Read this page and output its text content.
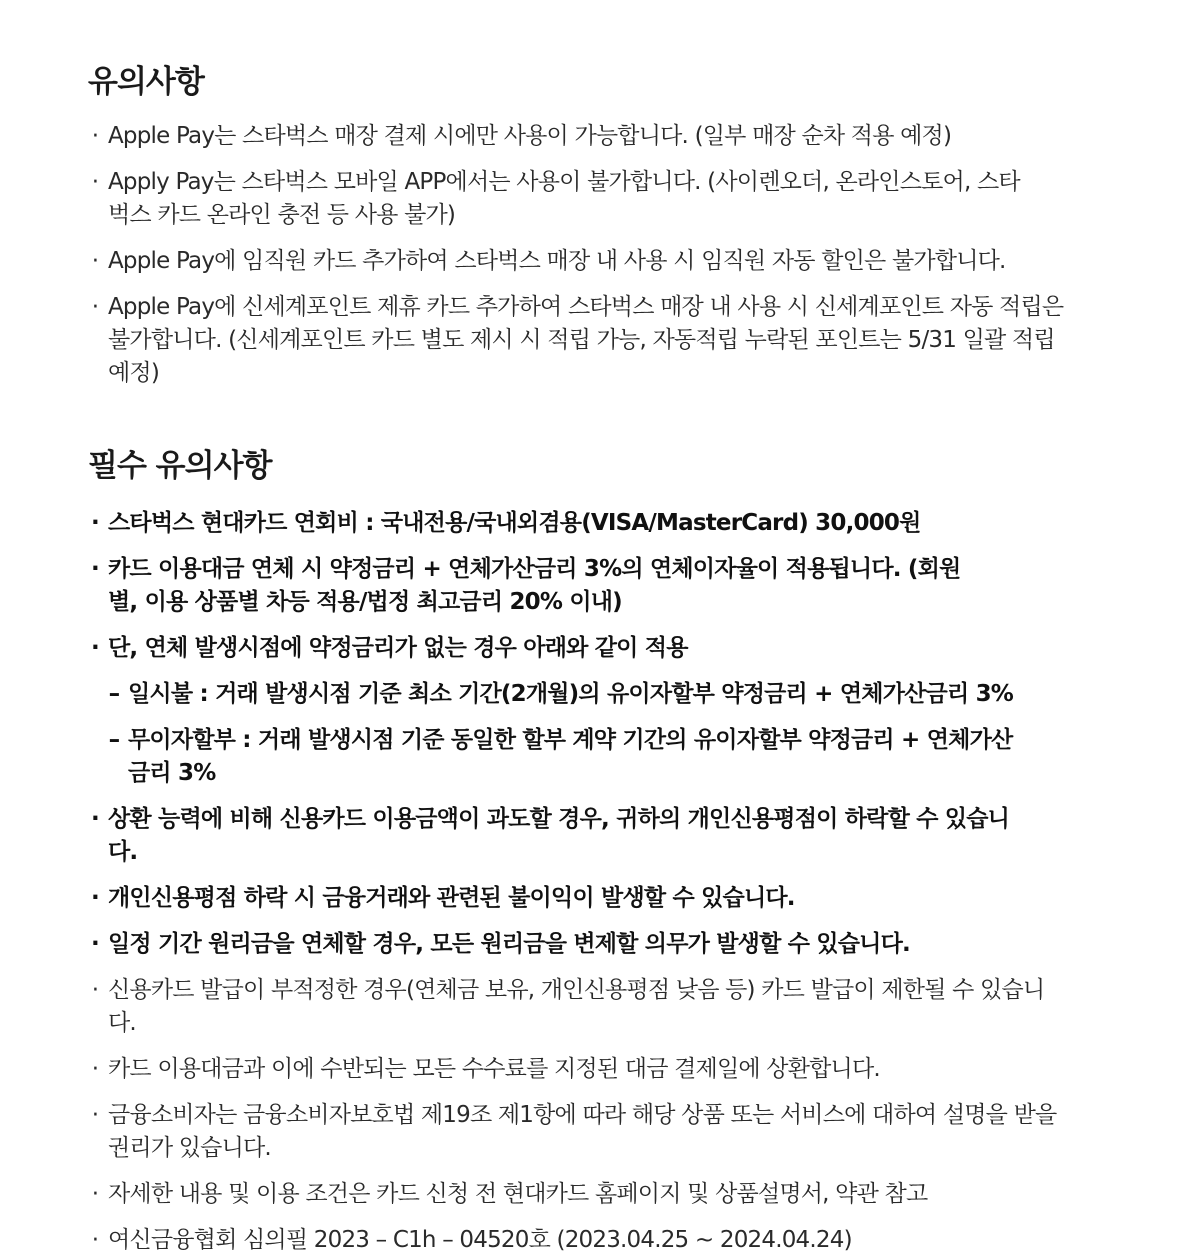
유의사항
· Apple Pay는 스타벅스 매장 결제 시에만 사용이 가능합니다. (일부 매장 순차 적용 예정)
· Apply Pay는 스타벅스 모바일 APP에서는 사용이 불가합니다. (사이렌오더, 온라인스토어, 스타벅스 카드 온라인 충전 등 사용 불가)
· Apple Pay에 임직원 카드 추가하여 스타벅스 매장 내 사용 시 임직원 자동 할인은 불가합니다.
· Apple Pay에 신세계포인트 제휴 카드 추가하여 스타벅스 매장 내 사용 시 신세계포인트 자동 적립은 불가합니다. (신세계포인트 카드 별도 제시 시 적립 가능, 자동적립 누락된 포인트는 5/31 일괄 적립 예정)
필수 유의사항
· 스타벅스 현대카드 연회비 : 국내전용/국내외겸용(VISA/MasterCard) 30,000원
· 카드 이용대금 연체 시 약정금리 + 연체가산금리 3%의 연체이자율이 적용됩니다. (회원별, 이용 상품별 차등 적용/법정 최고금리 20% 이내)
· 단, 연체 발생시점에 약정금리가 없는 경우 아래와 같이 적용
– 일시불 : 거래 발생시점 기준 최소 기간(2개월)의 유이자할부 약정금리 + 연체가산금리 3%
– 무이자할부 : 거래 발생시점 기준 동일한 할부 계약 기간의 유이자할부 약정금리 + 연체가산금리 3%
· 상환 능력에 비해 신용카드 이용금액이 과도할 경우, 귀하의 개인신용평점이 하락할 수 있습니다.
· 개인신용평점 하락 시 금융거래와 관련된 불이익이 발생할 수 있습니다.
· 일정 기간 원리금을 연체할 경우, 모든 원리금을 변제할 의무가 발생할 수 있습니다.
· 신용카드 발급이 부적정한 경우(연체금 보유, 개인신용평점 낮음 등) 카드 발급이 제한될 수 있습니다.
· 카드 이용대금과 이에 수반되는 모든 수수료를 지정된 대금 결제일에 상환합니다.
· 금융소비자는 금융소비자보호법 제19조 제1항에 따라 해당 상품 또는 서비스에 대하여 설명을 받을 권리가 있습니다.
· 자세한 내용 및 이용 조건은 카드 신청 전 현대카드 홈페이지 및 상품설명서, 약관 참고
· 여신금융협회 심의필 2023 – C1h – 04520호 (2023.04.25 ~ 2024.04.24)
